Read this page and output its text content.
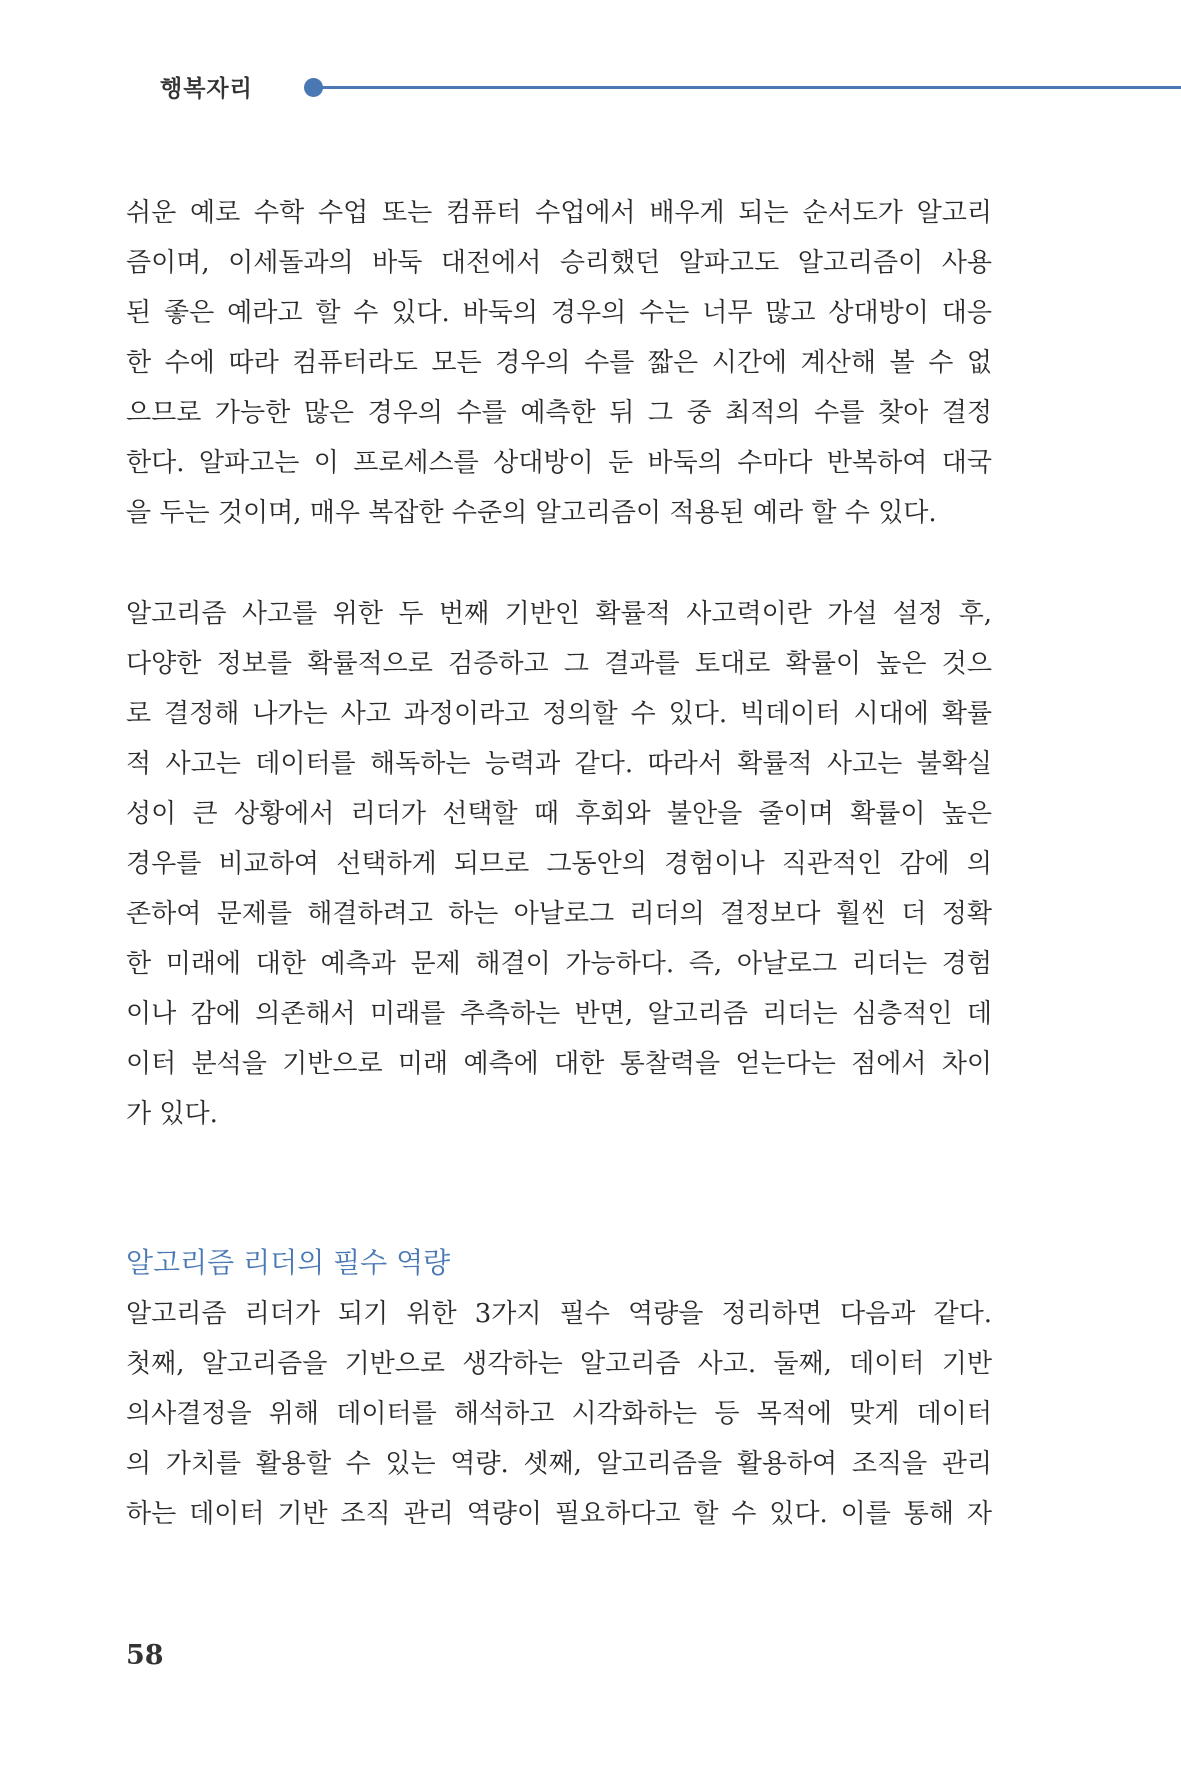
행복자리
쉬운 예로 수학 수업 또는 컴퓨터 수업에서 배우게 되는 순서도가 알고리
즘이며, 이세돌과의 바둑 대전에서 승리했던 알파고도 알고리즘이 사용
된 좋은 예라고 할 수 있다. 바둑의 경우의 수는 너무 많고 상대방이 대응
한 수에 따라 컴퓨터라도 모든 경우의 수를 짧은 시간에 계산해 볼 수 없
으므로 가능한 많은 경우의 수를 예측한 뒤 그 중 최적의 수를 찾아 결정
한다. 알파고는 이 프로세스를 상대방이 둔 바둑의 수마다 반복하여 대국
을 두는 것이며, 매우 복잡한 수준의 알고리즘이 적용된 예라 할 수 있다.
알고리즘 사고를 위한 두 번째 기반인 확률적 사고력이란 가설 설정 후,
다양한 정보를 확률적으로 검증하고 그 결과를 토대로 확률이 높은 것으
로 결정해 나가는 사고 과정이라고 정의할 수 있다. 빅데이터 시대에 확률
적 사고는 데이터를 해독하는 능력과 같다. 따라서 확률적 사고는 불확실
성이 큰 상황에서 리더가 선택할 때 후회와 불안을 줄이며 확률이 높은
경우를 비교하여 선택하게 되므로 그동안의 경험이나 직관적인 감에 의
존하여 문제를 해결하려고 하는 아날로그 리더의 결정보다 훨씬 더 정확
한 미래에 대한 예측과 문제 해결이 가능하다. 즉, 아날로그 리더는 경험
이나 감에 의존해서 미래를 추측하는 반면, 알고리즘 리더는 심층적인 데
이터 분석을 기반으로 미래 예측에 대한 통찰력을 얻는다는 점에서 차이
가 있다.
알고리즘 리더의 필수 역량
알고리즘 리더가 되기 위한 3가지 필수 역량을 정리하면 다음과 같다.
첫째, 알고리즘을 기반으로 생각하는 알고리즘 사고. 둘째, 데이터 기반
의사결정을 위해 데이터를 해석하고 시각화하는 등 목적에 맞게 데이터
의 가치를 활용할 수 있는 역량. 셋째, 알고리즘을 활용하여 조직을 관리
하는 데이터 기반 조직 관리 역량이 필요하다고 할 수 있다. 이를 통해 자
58
